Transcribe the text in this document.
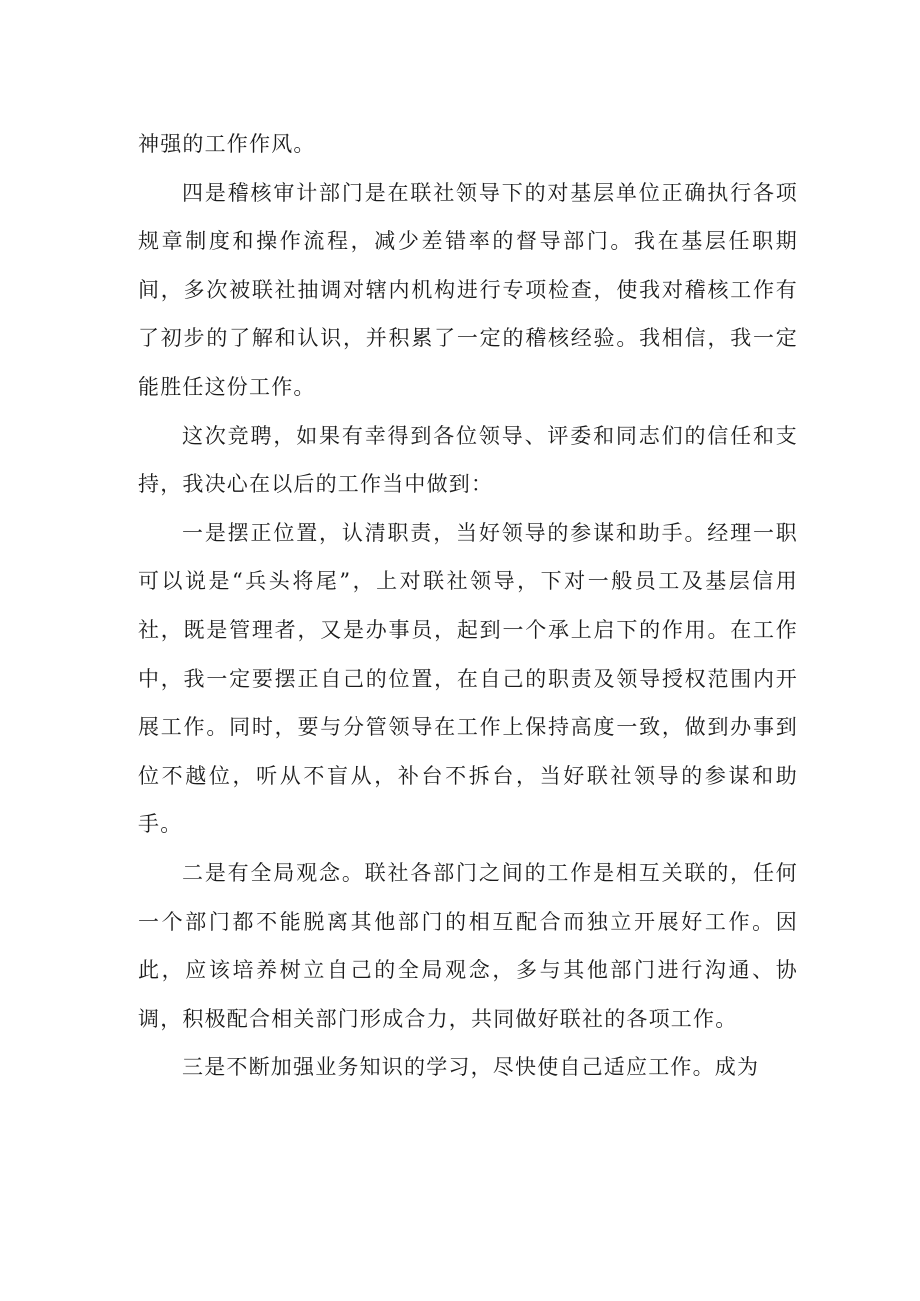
神强的工作作风。

四是稽核审计部门是在联社领导下的对基层单位正确执行各项规章制度和操作流程，减少差错率的督导部门。我在基层任职期间，多次被联社抽调对辖内机构进行专项检查，使我对稽核工作有了初步的了解和认识，并积累了一定的稽核经验。我相信，我一定能胜任这份工作。

这次竞聘，如果有幸得到各位领导、评委和同志们的信任和支持，我决心在以后的工作当中做到：

一是摆正位置，认清职责，当好领导的参谋和助手。经理一职可以说是“兵头将尾”，上对联社领导，下对一般员工及基层信用社，既是管理者，又是办事员，起到一个承上启下的作用。在工作中，我一定要摆正自己的位置，在自己的职责及领导授权范围内开展工作。同时，要与分管领导在工作上保持高度一致，做到办事到位不越位，听从不盲从，补台不拆台，当好联社领导的参谋和助手。

二是有全局观念。联社各部门之间的工作是相互关联的，任何一个部门都不能脱离其他部门的相互配合而独立开展好工作。因此，应该培养树立自己的全局观念，多与其他部门进行沟通、协调，积极配合相关部门形成合力，共同做好联社的各项工作。

三是不断加强业务知识的学习，尽快使自己适应工作。成为
